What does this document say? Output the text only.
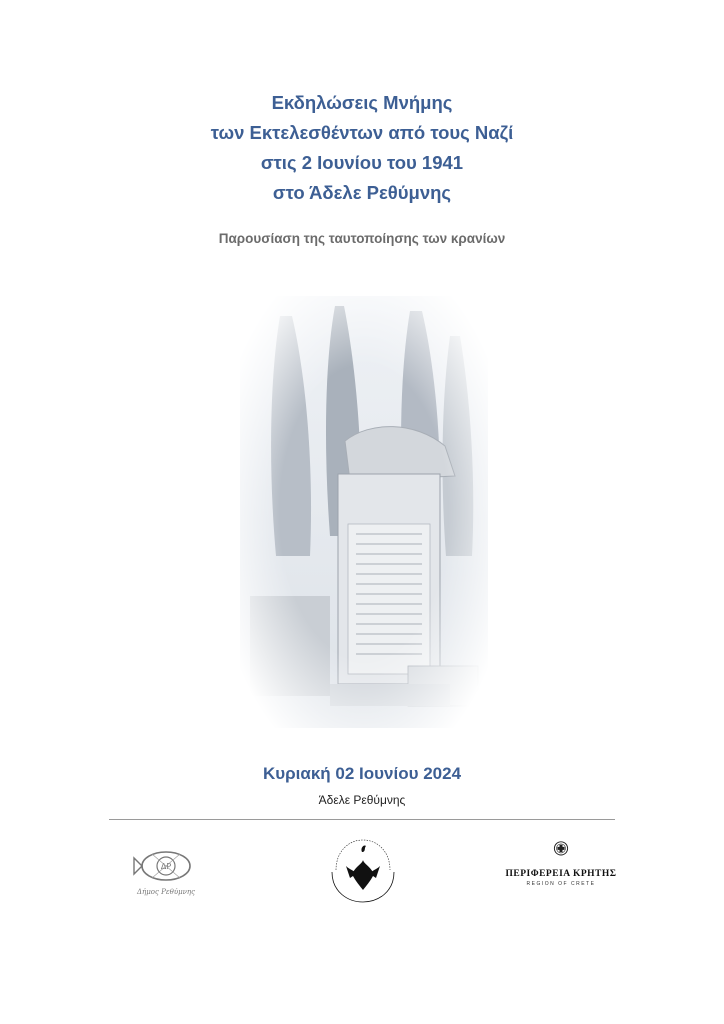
Εκδηλώσεις Μνήμης
των Εκτελεσθέντων από τους Ναζί
στις 2 Ιουνίου του 1941
στο Άδελε Ρεθύμνης
Παρουσίαση της ταυτοποίησης των κρανίων
Κυριακή 02 Ιουνίου 2024
Άδελε Ρεθύμνης
ΔΡ
Δήμος Ρεθύμνης
ΠΕΡΙΦΕΡΕΙΑ ΚΡΗΤΗΣ
REGION OF CRETE
